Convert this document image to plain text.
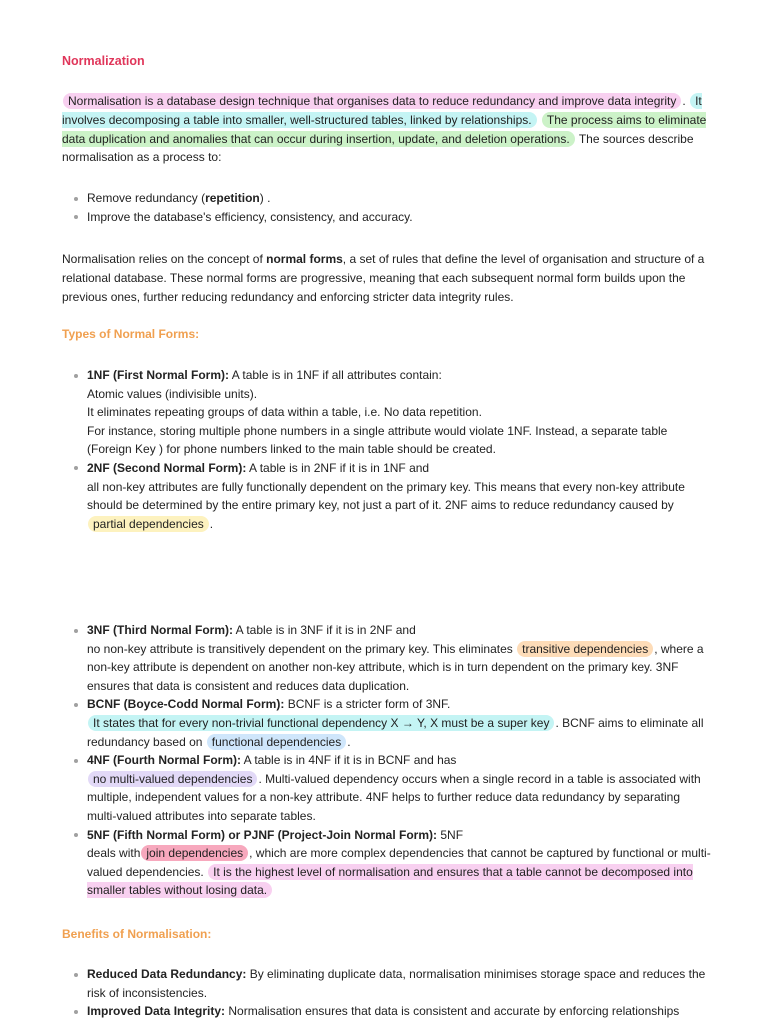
Normalization
Normalisation is a database design technique that organises data to reduce redundancy and improve data integrity . It involves decomposing a table into smaller, well-structured tables, linked by relationships. The process aims to eliminate data duplication and anomalies that can occur during insertion, update, and deletion operations. The sources describe normalisation as a process to:
Remove redundancy (repetition) .
Improve the database's efficiency, consistency, and accuracy.
Normalisation relies on the concept of normal forms, a set of rules that define the level of organisation and structure of a relational database. These normal forms are progressive, meaning that each subsequent normal form builds upon the previous ones, further reducing redundancy and enforcing stricter data integrity rules.
Types of Normal Forms:
1NF (First Normal Form): A table is in 1NF if all attributes contain:
Atomic values (indivisible units).
It eliminates repeating groups of data within a table, i.e. No data repetition.
For instance, storing multiple phone numbers in a single attribute would violate 1NF. Instead, a separate table (Foreign Key ) for phone numbers linked to the main table should be created.
2NF (Second Normal Form): A table is in 2NF if it is in 1NF and
all non-key attributes are fully functionally dependent on the primary key. This means that every non-key attribute should be determined by the entire primary key, not just a part of it. 2NF aims to reduce redundancy caused by partial dependencies .
3NF (Third Normal Form): A table is in 3NF if it is in 2NF and
no non-key attribute is transitively dependent on the primary key. This eliminates transitive dependencies , where a non-key attribute is dependent on another non-key attribute, which is in turn dependent on the primary key. 3NF ensures that data is consistent and reduces data duplication.
BCNF (Boyce-Codd Normal Form): BCNF is a stricter form of 3NF.
It states that for every non-trivial functional dependency X → Y, X must be a super key . BCNF aims to eliminate all redundancy based on functional dependencies .
4NF (Fourth Normal Form): A table is in 4NF if it is in BCNF and has
no multi-valued dependencies . Multi-valued dependency occurs when a single record in a table is associated with multiple, independent values for a non-key attribute. 4NF helps to further reduce data redundancy by separating multi-valued attributes into separate tables.
5NF (Fifth Normal Form) or PJNF (Project-Join Normal Form): 5NF
deals with join dependencies , which are more complex dependencies that cannot be captured by functional or multi-valued dependencies. It is the highest level of normalisation and ensures that a table cannot be decomposed into smaller tables without losing data.
Benefits of Normalisation:
Reduced Data Redundancy: By eliminating duplicate data, normalisation minimises storage space and reduces the risk of inconsistencies.
Improved Data Integrity: Normalisation ensures that data is consistent and accurate by enforcing relationships
